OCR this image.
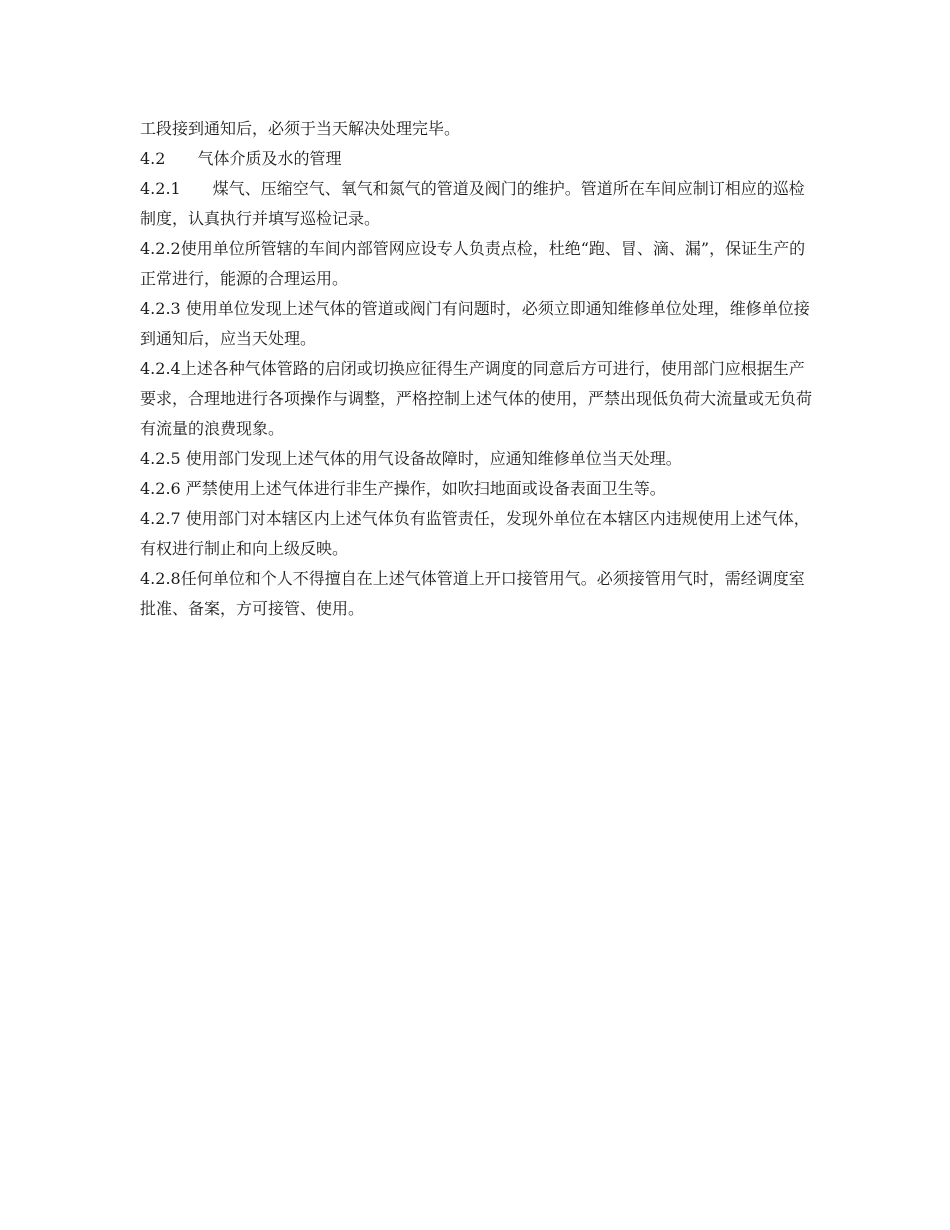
工段接到通知后，必须于当天解决处理完毕。

4.2　　气体介质及水的管理

4.2.1　　煤气、压缩空气、氧气和氮气的管道及阀门的维护。管道所在车间应制订相应的巡检制度，认真执行并填写巡检记录。

4.2.2使用单位所管辖的车间内部管网应设专人负责点检，杜绝“跑、冒、滴、漏”，保证生产的正常进行，能源的合理运用。

4.2.3 使用单位发现上述气体的管道或阀门有问题时，必须立即通知维修单位处理，维修单位接到通知后，应当天处理。

4.2.4上述各种气体管路的启闭或切换应征得生产调度的同意后方可进行，使用部门应根据生产要求，合理地进行各项操作与调整，严格控制上述气体的使用，严禁出现低负荷大流量或无负荷有流量的浪费现象。

4.2.5 使用部门发现上述气体的用气设备故障时，应通知维修单位当天处理。

4.2.6 严禁使用上述气体进行非生产操作，如吹扫地面或设备表面卫生等。

4.2.7 使用部门对本辖区内上述气体负有监管责任，发现外单位在本辖区内违规使用上述气体，有权进行制止和向上级反映。

4.2.8任何单位和个人不得擅自在上述气体管道上开口接管用气。必须接管用气时，需经调度室批准、备案，方可接管、使用。
